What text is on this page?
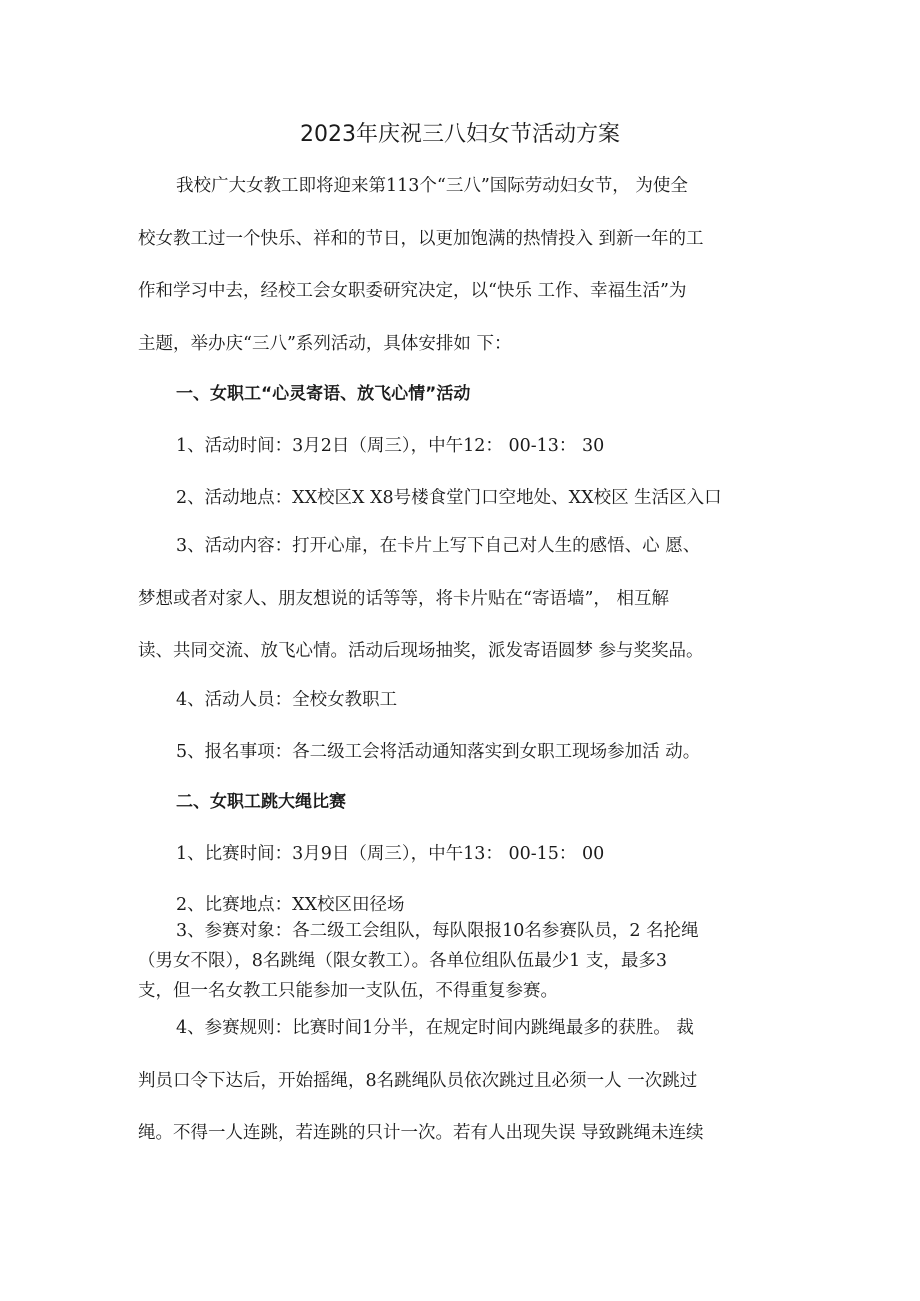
2023年庆祝三八妇女节活动方案
我校广大女教工即将迎来第113个“三八”国际劳动妇女节， 为使全
校女教工过一个快乐、祥和的节日，以更加饱满的热情投入 到新一年的工
作和学习中去，经校工会女职委研究决定，以“快乐 工作、幸福生活”为
主题，举办庆“三八”系列活动，具体安排如 下：
一、女职工“心灵寄语、放飞心情”活动
1、活动时间：3月2日（周三），中午12： 00-13： 30
2、活动地点：XX校区X X8号楼食堂门口空地处、XX校区 生活区入口
3、活动内容：打开心扉，在卡片上写下自己对人生的感悟、心 愿、
梦想或者对家人、朋友想说的话等等，将卡片贴在“寄语墙”， 相互解
读、共同交流、放飞心情。活动后现场抽奖，派发寄语圆梦 参与奖奖品。
4、活动人员：全校女教职工
5、报名事项：各二级工会将活动通知落实到女职工现场参加活 动。
二、女职工跳大绳比赛
1、比赛时间：3月9日（周三），中午13： 00-15： 00
2、比赛地点：XX校区田径场
3、参赛对象：各二级工会组队，每队限报10名参赛队员，2 名抡绳
（男女不限），8名跳绳（限女教工）。各单位组队伍最少1 支，最多3
支，但一名女教工只能参加一支队伍，不得重复参赛。
4、参赛规则：比赛时间1分半，在规定时间内跳绳最多的获胜。 裁
判员口令下达后，开始摇绳，8名跳绳队员依次跳过且必须一人 一次跳过
绳。不得一人连跳，若连跳的只计一次。若有人出现失误 导致跳绳未连续
